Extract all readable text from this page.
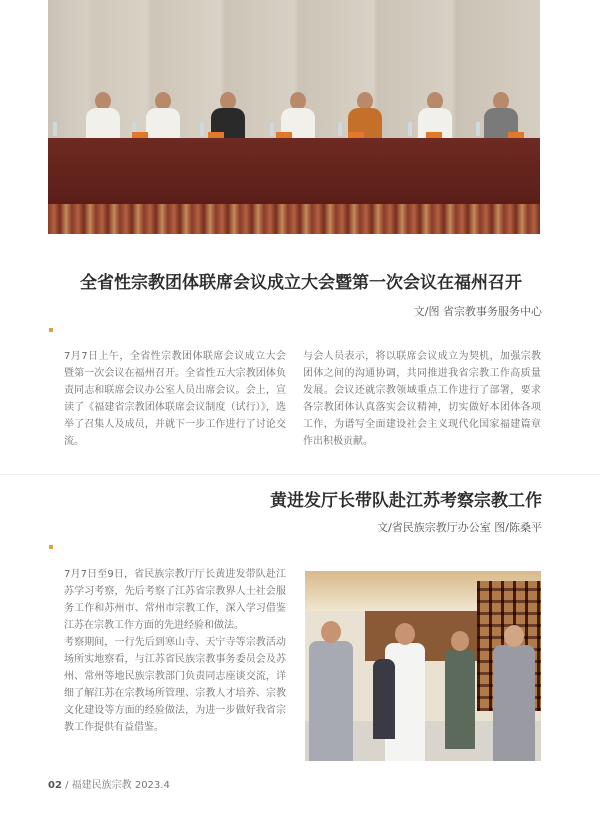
全省性宗教团体联席会议成立大会暨第一次会议在福州召开
文/图 省宗教事务服务中心

7月7日上午，全省性宗教团体联席会议成立大会暨第一次会议在福州召开。全省性五大宗教团体负责同志和联席会议办公室人员出席会议。会上，宣读了《福建省宗教团体联席会议制度（试行）》，选举了召集人及成员，并就下一步工作进行了讨论交流。

与会人员表示，将以联席会议成立为契机，加强宗教团体之间的沟通协调，共同推进我省宗教工作高质量发展。会议还就宗教领域重点工作进行了部署，要求各宗教团体认真落实会议精神，切实做好本团体各项工作，为谱写全面建设社会主义现代化国家福建篇章作出积极贡献。

黄进发厅长带队赴江苏考察宗教工作
文/省民族宗教厅办公室 图/陈桑平

7月7日至9日，省民族宗教厅厅长黄进发带队赴江苏学习考察，先后考察了江苏省宗教界人士社会服务工作和苏州市、常州市宗教工作，深入学习借鉴江苏在宗教工作方面的先进经验和做法。

考察期间，一行先后到寒山寺、天宁寺等宗教活动场所实地察看，与江苏省民族宗教事务委员会及苏州、常州等地民族宗教部门负责同志座谈交流，详细了解江苏在宗教场所管理、宗教人才培养、宗教文化建设等方面的经验做法，为进一步做好我省宗教工作提供有益借鉴。

02 / 福建民族宗教 2023.4
